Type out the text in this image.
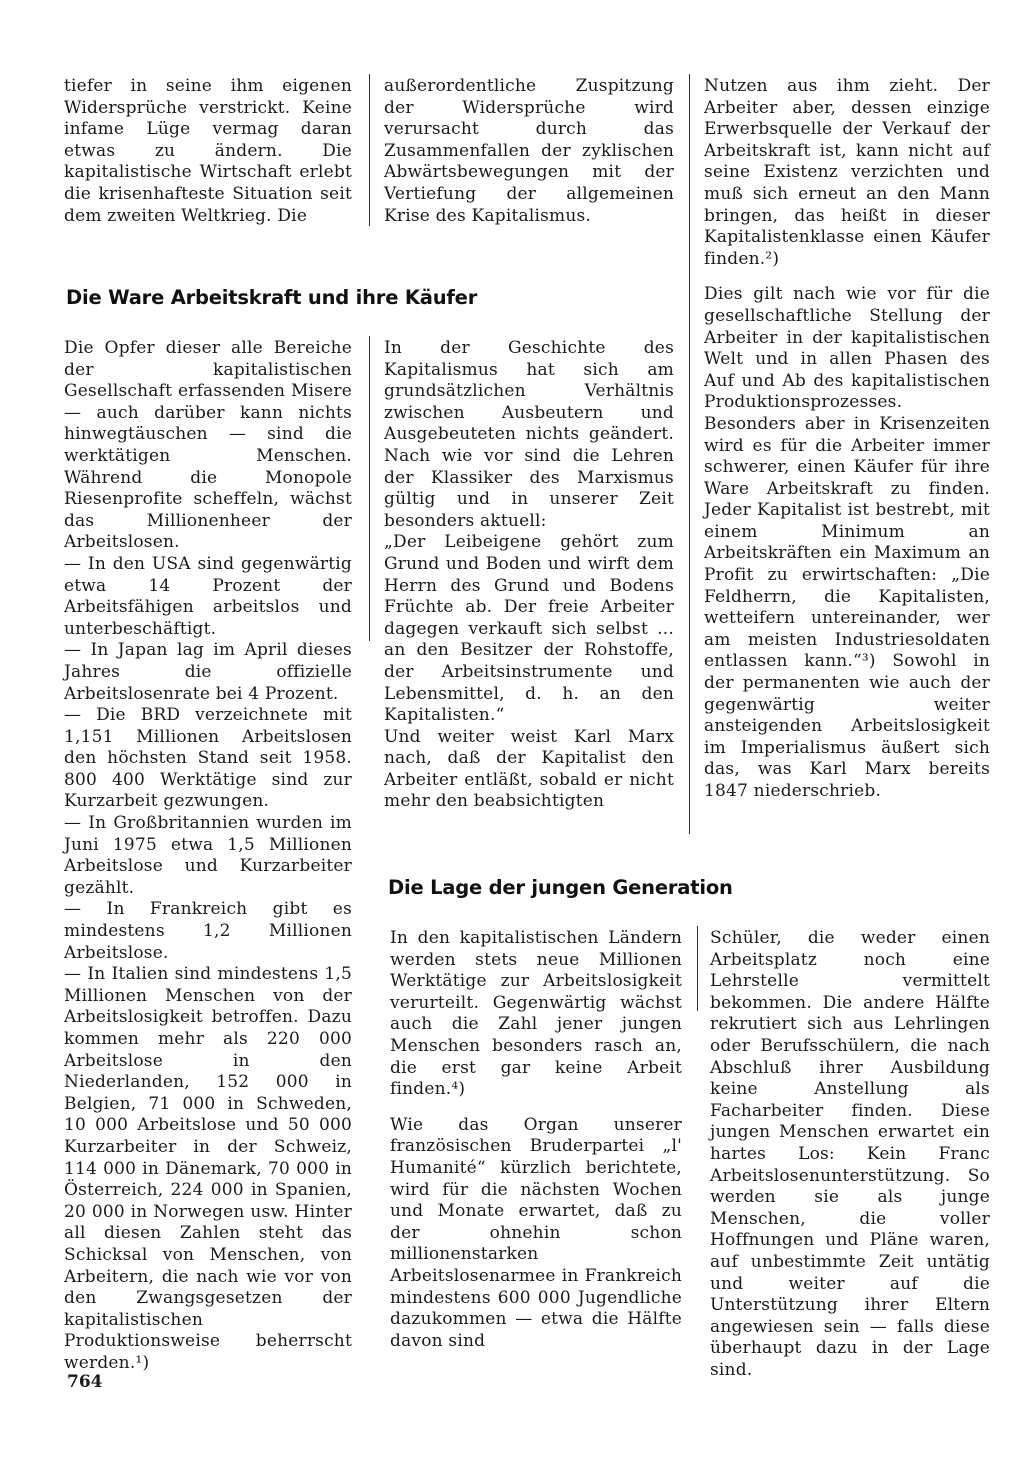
tiefer in seine ihm eigenen Widersprüche verstrickt. Keine infame Lüge vermag daran etwas zu ändern. Die kapitalistische Wirtschaft erlebt die krisenhafteste Situation seit dem zweiten Weltkrieg. Die

außerordentliche Zuspitzung der Widersprüche wird verursacht durch das Zusammenfallen der zyklischen Abwärtsbewegungen mit der Vertiefung der allgemeinen Krise des Kapitalismus.

Nutzen aus ihm zieht. Der Arbeiter aber, dessen einzige Erwerbsquelle der Verkauf der Arbeitskraft ist, kann nicht auf seine Existenz verzichten und muß sich erneut an den Mann bringen, das heißt in dieser Kapitalistenklasse einen Käufer finden.²)

Dies gilt nach wie vor für die gesellschaftliche Stellung der Arbeiter in der kapitalistischen Welt und in allen Phasen des Auf und Ab des kapitalistischen Produktionsprozesses. Besonders aber in Krisenzeiten wird es für die Arbeiter immer schwerer, einen Käufer für ihre Ware Arbeitskraft zu finden. Jeder Kapitalist ist bestrebt, mit einem Minimum an Arbeitskräften ein Maximum an Profit zu erwirtschaften: „Die Feldherrn, die Kapitalisten, wetteifern untereinander, wer am meisten Industriesoldaten entlassen kann.“³) Sowohl in der permanenten wie auch der gegenwärtig weiter ansteigenden Arbeitslosigkeit im Imperialismus äußert sich das, was Karl Marx bereits 1847 niederschrieb.

Die Ware Arbeitskraft und ihre Käufer

Die Opfer dieser alle Bereiche der kapitalistischen Gesellschaft erfassenden Misere — auch darüber kann nichts hinwegtäuschen — sind die werktätigen Menschen. Während die Monopole Riesenprofite scheffeln, wächst das Millionenheer der Arbeitslosen.

— In den USA sind gegenwärtig etwa 14 Prozent der Arbeitsfähigen arbeitslos und unterbeschäftigt.

— In Japan lag im April dieses Jahres die offizielle Arbeitslosenrate bei 4 Prozent.

— Die BRD verzeichnete mit 1,151 Millionen Arbeitslosen den höchsten Stand seit 1958. 800 400 Werktätige sind zur Kurzarbeit gezwungen.

— In Großbritannien wurden im Juni 1975 etwa 1,5 Millionen Arbeitslose und Kurzarbeiter gezählt.

— In Frankreich gibt es mindestens 1,2 Millionen Arbeitslose.

— In Italien sind mindestens 1,5 Millionen Menschen von der Arbeitslosigkeit betroffen. Dazu kommen mehr als 220 000 Arbeitslose in den Niederlanden, 152 000 in Belgien, 71 000 in Schweden, 10 000 Arbeitslose und 50 000 Kurzarbeiter in der Schweiz, 114 000 in Dänemark, 70 000 in Österreich, 224 000 in Spanien, 20 000 in Norwegen usw. Hinter all diesen Zahlen steht das Schicksal von Menschen, von Arbeitern, die nach wie vor von den Zwangsgesetzen der kapitalistischen Produktionsweise beherrscht werden.¹)

In der Geschichte des Kapitalismus hat sich am grundsätzlichen Verhältnis zwischen Ausbeutern und Ausgebeuteten nichts geändert. Nach wie vor sind die Lehren der Klassiker des Marxismus gültig und in unserer Zeit besonders aktuell:

„Der Leibeigene gehört zum Grund und Boden und wirft dem Herrn des Grund und Bodens Früchte ab. Der freie Arbeiter dagegen verkauft sich selbst ... an den Besitzer der Rohstoffe, der Arbeitsinstrumente und Lebensmittel, d. h. an den Kapitalisten.“

Und weiter weist Karl Marx nach, daß der Kapitalist den Arbeiter entläßt, sobald er nicht mehr den beabsichtigten

Die Lage der jungen Generation

In den kapitalistischen Ländern werden stets neue Millionen Werktätige zur Arbeitslosigkeit verurteilt. Gegenwärtig wächst auch die Zahl jener jungen Menschen besonders rasch an, die erst gar keine Arbeit finden.⁴)

Wie das Organ unserer französischen Bruderpartei „l' Humanité“ kürzlich berichtete, wird für die nächsten Wochen und Monate erwartet, daß zu der ohnehin schon millionenstarken Arbeitslosenarmee in Frankreich mindestens 600 000 Jugendliche dazukommen — etwa die Hälfte davon sind

Schüler, die weder einen Arbeitsplatz noch eine Lehrstelle vermittelt bekommen. Die andere Hälfte rekrutiert sich aus Lehrlingen oder Berufsschülern, die nach Abschluß ihrer Ausbildung keine Anstellung als Facharbeiter finden. Diese jungen Menschen erwartet ein hartes Los: Kein Franc Arbeitslosenunterstützung. So werden sie als junge Menschen, die voller Hoffnungen und Pläne waren, auf unbestimmte Zeit untätig und weiter auf die Unterstützung ihrer Eltern angewiesen sein — falls diese überhaupt dazu in der Lage sind.

764
